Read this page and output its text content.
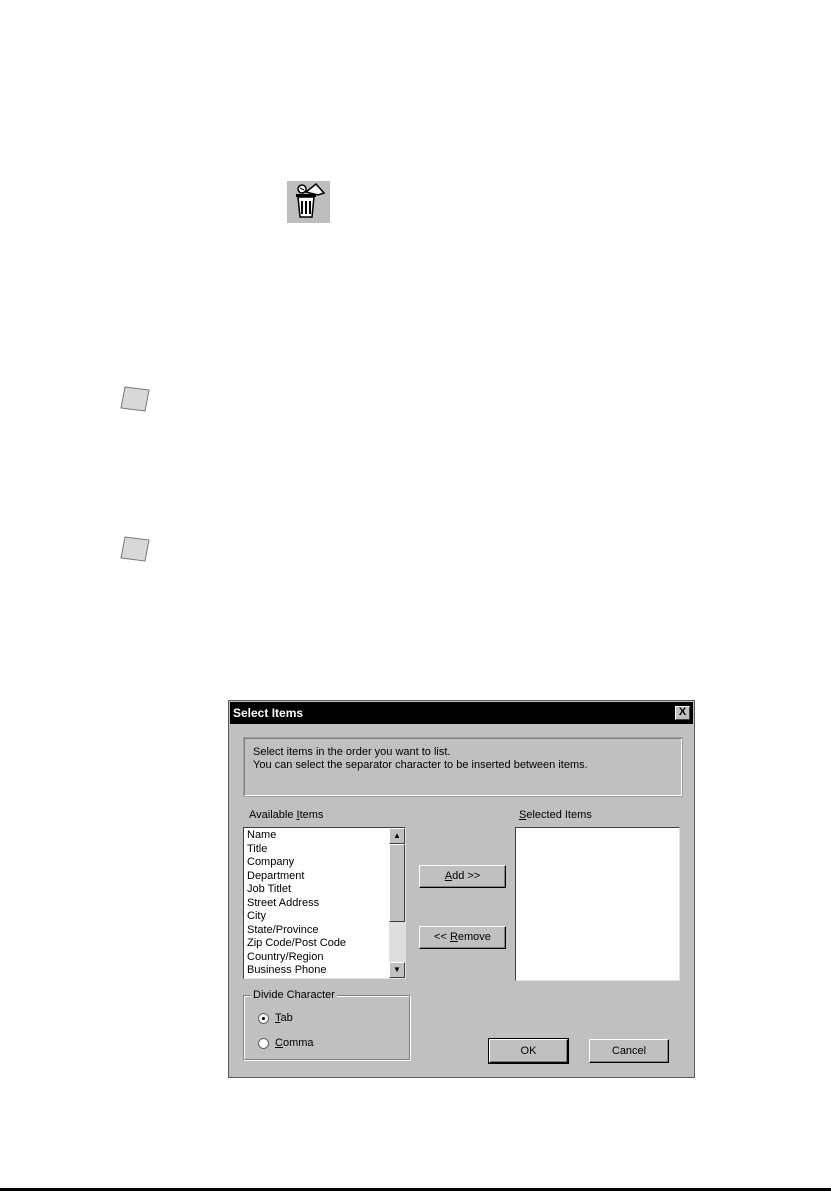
Select Items	X
Select items in the order you want to list.
You can select the separator character to be inserted between items.
Available Items	Selected Items
Name
Title
Company
Department
Job Titlet
Street Address
City
State/Province
Zip Code/Post Code
Country/Region
Business Phone
▲
▼
Add >>
<< Remove
Divide Character
Tab
Comma
OK	Cancel
